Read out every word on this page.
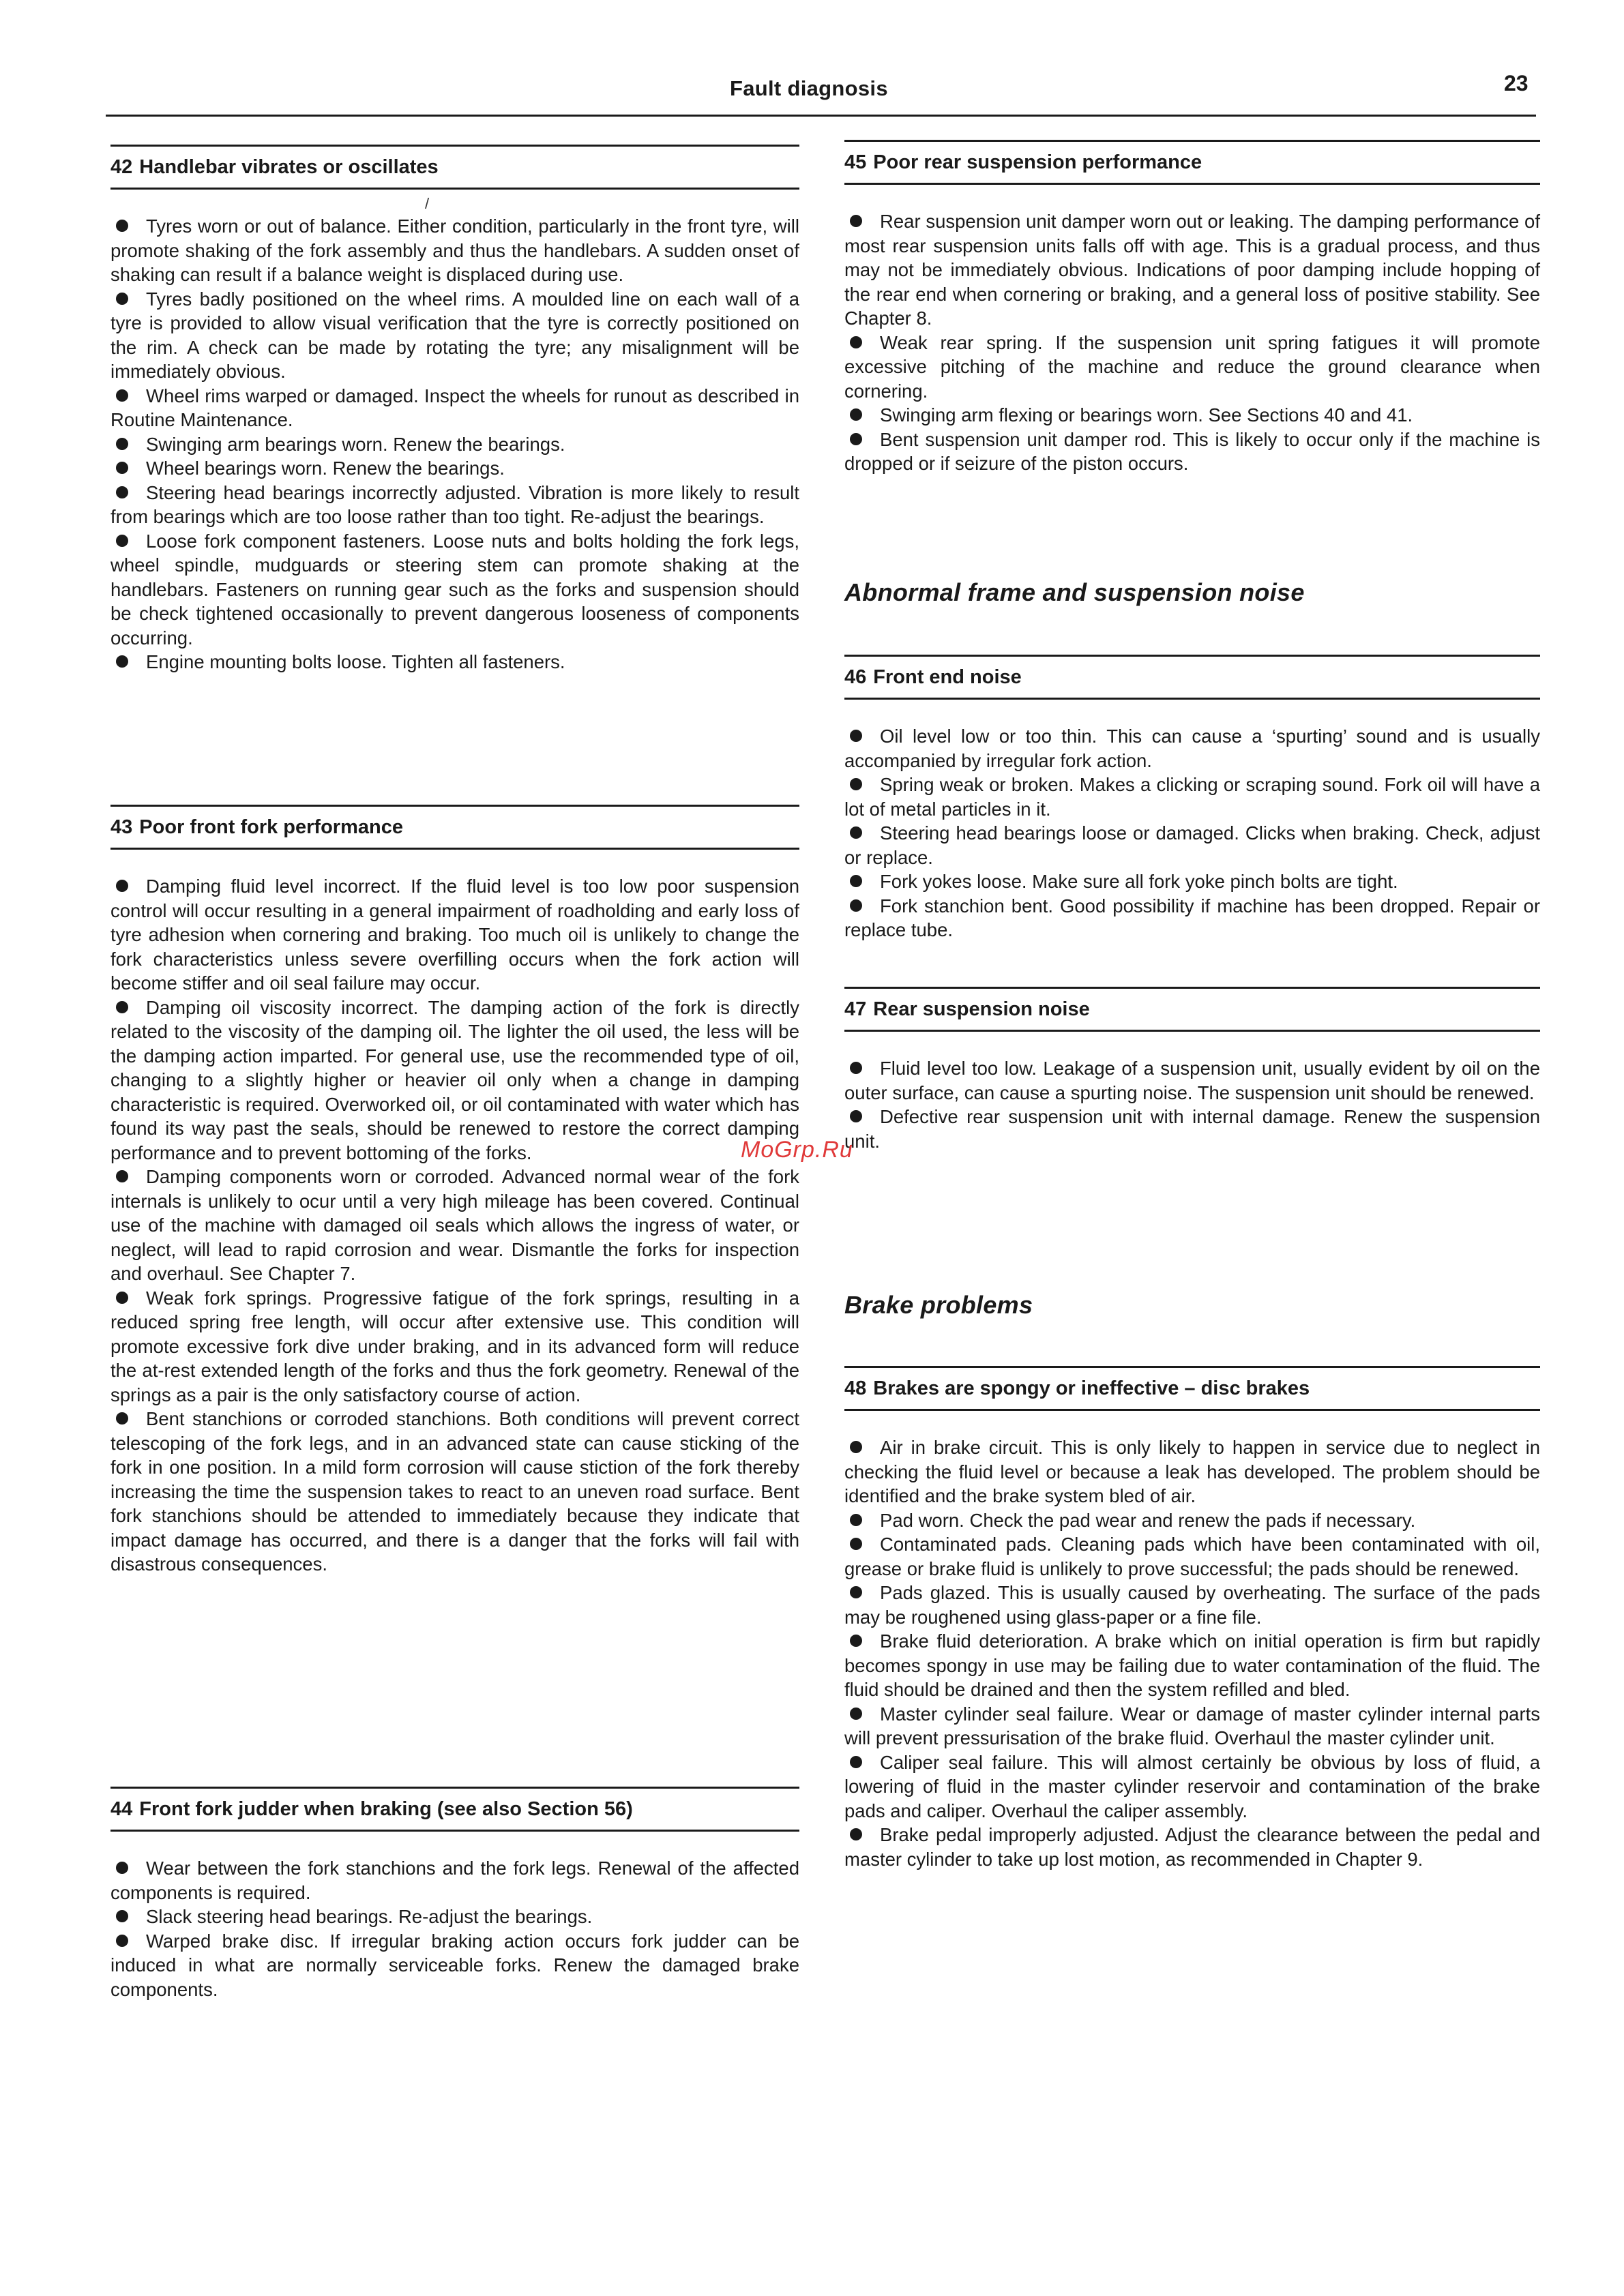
Fault diagnosis	23
/
42 Handlebar vibrates or oscillates

Tyres worn or out of balance. Either condition, particularly in the front tyre, will promote shaking of the fork assembly and thus the handlebars. A sudden onset of shaking can result if a balance weight is displaced during use.

Tyres badly positioned on the wheel rims. A moulded line on each wall of a tyre is provided to allow visual verification that the tyre is correctly positioned on the rim. A check can be made by rotating the tyre; any misalignment will be immediately obvious.

Wheel rims warped or damaged. Inspect the wheels for runout as described in Routine Maintenance.

Swinging arm bearings worn. Renew the bearings.

Wheel bearings worn. Renew the bearings.

Steering head bearings incorrectly adjusted. Vibration is more likely to result from bearings which are too loose rather than too tight. Re-adjust the bearings.

Loose fork component fasteners. Loose nuts and bolts holding the fork legs, wheel spindle, mudguards or steering stem can promote shaking at the handlebars. Fasteners on running gear such as the forks and suspension should be check tightened occasionally to prevent dangerous looseness of components occurring.

Engine mounting bolts loose. Tighten all fasteners.

43 Poor front fork performance

Damping fluid level incorrect. If the fluid level is too low poor suspension control will occur resulting in a general impairment of roadholding and early loss of tyre adhesion when cornering and braking. Too much oil is unlikely to change the fork characteristics unless severe overfilling occurs when the fork action will become stiffer and oil seal failure may occur.

Damping oil viscosity incorrect. The damping action of the fork is directly related to the viscosity of the damping oil. The lighter the oil used, the less will be the damping action imparted. For general use, use the recommended type of oil, changing to a slightly higher or heavier oil only when a change in damping characteristic is required. Overworked oil, or oil contaminated with water which has found its way past the seals, should be renewed to restore the correct damping performance and to prevent bottoming of the forks.

Damping components worn or corroded. Advanced normal wear of the fork internals is unlikely to ocur until a very high mileage has been covered. Continual use of the machine with damaged oil seals which allows the ingress of water, or neglect, will lead to rapid corrosion and wear. Dismantle the forks for inspection and overhaul. See Chapter 7.

Weak fork springs. Progressive fatigue of the fork springs, resulting in a reduced spring free length, will occur after extensive use. This condition will promote excessive fork dive under braking, and in its advanced form will reduce the at-rest extended length of the forks and thus the fork geometry. Renewal of the springs as a pair is the only satisfactory course of action.

Bent stanchions or corroded stanchions. Both conditions will prevent correct telescoping of the fork legs, and in an advanced state can cause sticking of the fork in one position. In a mild form corrosion will cause stiction of the fork thereby increasing the time the suspension takes to react to an uneven road surface. Bent fork stanchions should be attended to immediately because they indicate that impact damage has occurred, and there is a danger that the forks will fail with disastrous consequences.

44 Front fork judder when braking (see also Section 56)

Wear between the fork stanchions and the fork legs. Renewal of the affected components is required.

Slack steering head bearings. Re-adjust the bearings.

Warped brake disc. If irregular braking action occurs fork judder can be induced in what are normally serviceable forks. Renew the damaged brake components.

45 Poor rear suspension performance

Rear suspension unit damper worn out or leaking. The damping performance of most rear suspension units falls off with age. This is a gradual process, and thus may not be immediately obvious. Indications of poor damping include hopping of the rear end when cornering or braking, and a general loss of positive stability. See Chapter 8.

Weak rear spring. If the suspension unit spring fatigues it will promote excessive pitching of the machine and reduce the ground clearance when cornering.

Swinging arm flexing or bearings worn. See Sections 40 and 41.

Bent suspension unit damper rod. This is likely to occur only if the machine is dropped or if seizure of the piston occurs.

Abnormal frame and suspension noise
46 Front end noise

Oil level low or too thin. This can cause a ‘spurting’ sound and is usually accompanied by irregular fork action.

Spring weak or broken. Makes a clicking or scraping sound. Fork oil will have a lot of metal particles in it.

Steering head bearings loose or damaged. Clicks when braking. Check, adjust or replace.

Fork yokes loose. Make sure all fork yoke pinch bolts are tight.

Fork stanchion bent. Good possibility if machine has been dropped. Repair or replace tube.

47 Rear suspension noise

Fluid level too low. Leakage of a suspension unit, usually evident by oil on the outer surface, can cause a spurting noise. The suspension unit should be renewed.

Defective rear suspension unit with internal damage. Renew the suspension unit.

Brake problems
48 Brakes are spongy or ineffective – disc brakes

Air in brake circuit. This is only likely to happen in service due to neglect in checking the fluid level or because a leak has developed. The problem should be identified and the brake system bled of air.

Pad worn. Check the pad wear and renew the pads if necessary.

Contaminated pads. Cleaning pads which have been contaminated with oil, grease or brake fluid is unlikely to prove successful; the pads should be renewed.

Pads glazed. This is usually caused by overheating. The surface of the pads may be roughened using glass-paper or a fine file.

Brake fluid deterioration. A brake which on initial operation is firm but rapidly becomes spongy in use may be failing due to water contamination of the fluid. The fluid should be drained and then the system refilled and bled.

Master cylinder seal failure. Wear or damage of master cylinder internal parts will prevent pressurisation of the brake fluid. Overhaul the master cylinder unit.

Caliper seal failure. This will almost certainly be obvious by loss of fluid, a lowering of fluid in the master cylinder reservoir and contamination of the brake pads and caliper. Overhaul the caliper assembly.

Brake pedal improperly adjusted. Adjust the clearance between the pedal and master cylinder to take up lost motion, as recommended in Chapter 9.

MoGrp.Ru
